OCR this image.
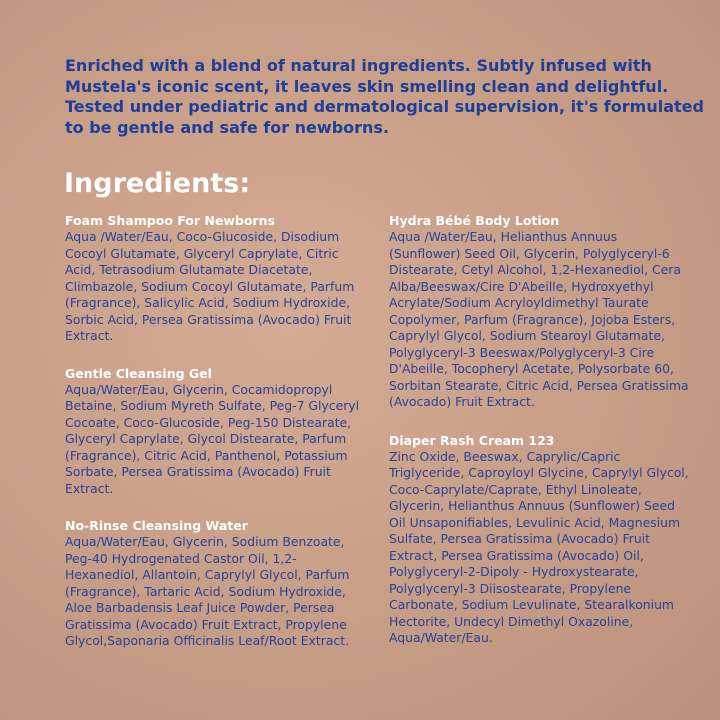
Enriched with a blend of natural ingredients. Subtly infused with Mustela's iconic scent, it leaves skin smelling clean and delightful. Tested under pediatric and dermatological supervision, it's formulated to be gentle and safe for newborns.

Ingredients:
Foam Shampoo For Newborns
Aqua /Water/Eau, Coco-Glucoside, Disodium Cocoyl Glutamate, Glyceryl Caprylate, Citric Acid, Tetrasodium Glutamate Diacetate, Climbazole, Sodium Cocoyl Glutamate, Parfum (Fragrance), Salicylic Acid, Sodium Hydroxide, Sorbic Acid, Persea Gratissima (Avocado) Fruit Extract.
Gentle Cleansing Gel
Aqua/Water/Eau, Glycerin, Cocamidopropyl Betaine, Sodium Myreth Sulfate, Peg-7 Glyceryl Cocoate, Coco-Glucoside, Peg-150 Distearate, Glyceryl Caprylate, Glycol Distearate, Parfum (Fragrance), Citric Acid, Panthenol, Potassium Sorbate, Persea Gratissima (Avocado) Fruit Extract.
No-Rinse Cleansing Water
Aqua/Water/Eau, Glycerin, Sodium Benzoate, Peg-40 Hydrogenated Castor Oil, 1,2-Hexanediol, Allantoin, Caprylyl Glycol, Parfum (Fragrance), Tartaric Acid, Sodium Hydroxide, Aloe Barbadensis Leaf Juice Powder, Persea Gratissima (Avocado) Fruit Extract, Propylene Glycol,Saponaria Officinalis Leaf/Root Extract.
Hydra Bébé Body Lotion
Aqua /Water/Eau, Helianthus Annuus (Sunflower) Seed Oil, Glycerin, Polyglyceryl-6 Distearate, Cetyl Alcohol, 1,2-Hexanediol, Cera Alba/Beeswax/Cire D'Abeille, Hydroxyethyl Acrylate/Sodium Acryloyldimethyl Taurate Copolymer, Parfum (Fragrance), Jojoba Esters, Caprylyl Glycol, Sodium Stearoyl Glutamate, Polyglyceryl-3 Beeswax/Polyglyceryl-3 Cire D'Abeille, Tocopheryl Acetate, Polysorbate 60, Sorbitan Stearate, Citric Acid, Persea Gratissima (Avocado) Fruit Extract.
Diaper Rash Cream 123
Zinc Oxide, Beeswax, Caprylic/Capric Triglyceride, Caproyloyl Glycine, Caprylyl Glycol, Coco-Caprylate/Caprate, Ethyl Linoleate, Glycerin, Helianthus Annuus (Sunflower) Seed Oil Unsaponifiables, Levulinic Acid, Magnesium Sulfate, Persea Gratissima (Avocado) Fruit Extract, Persea Gratissima (Avocado) Oil, Polyglyceryl-2-Dipoly - Hydroxystearate, Polyglyceryl-3 Diisostearate, Propylene Carbonate, Sodium Levulinate, Stearalkonium Hectorite, Undecyl Dimethyl Oxazoline, Aqua/Water/Eau.
